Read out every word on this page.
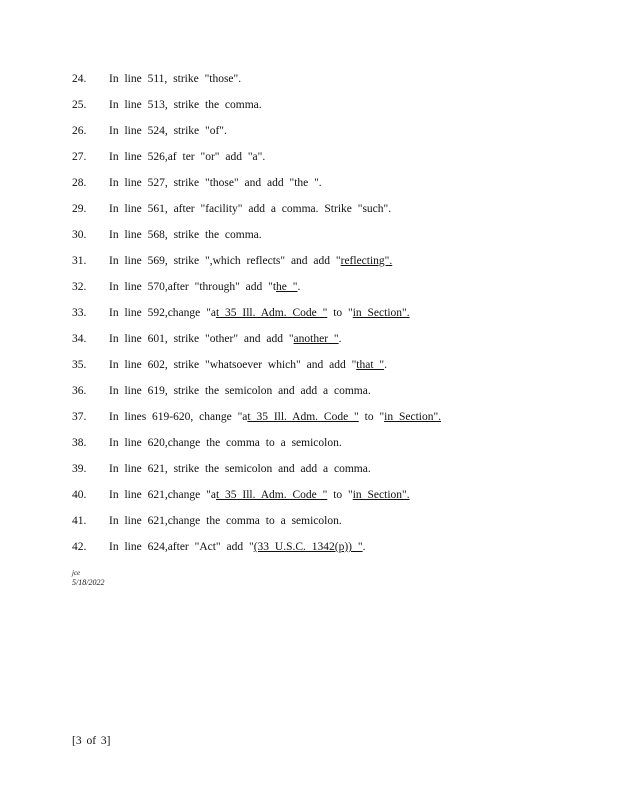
24. In line 511, strike "those".
25. In line 513, strike the comma.
26. In line 524, strike "of".
27. In line 526,af ter "or" add "a".
28. In line 527, strike "those" and add "the ".
29. In line 561, after "facility" add a comma. Strike "such".
30. In line 568, strike the comma.
31. In line 569, strike ",which reflects" and add "reflecting".
32. In line 570,after "through" add "the ".
33. In line 592,change "at 35 Ill. Adm. Code " to "in Section".
34. In line 601, strike "other" and add "another ".
35. In line 602, strike "whatsoever which" and add "that ".
36. In line 619, strike the semicolon and add a comma.
37. In lines 619-620, change "at 35 Ill. Adm. Code " to "in Section".
38. In line 620,change the comma to a semicolon.
39. In line 621, strike the semicolon and add a comma.
40. In line 621,change "at 35 Ill. Adm. Code " to "in Section".
41. In line 621,change the comma to a semicolon.
42. In line 624,after "Act" add "(33 U.S.C. 1342(p)) ".
jce
5/18/2022
[3 of 3]
